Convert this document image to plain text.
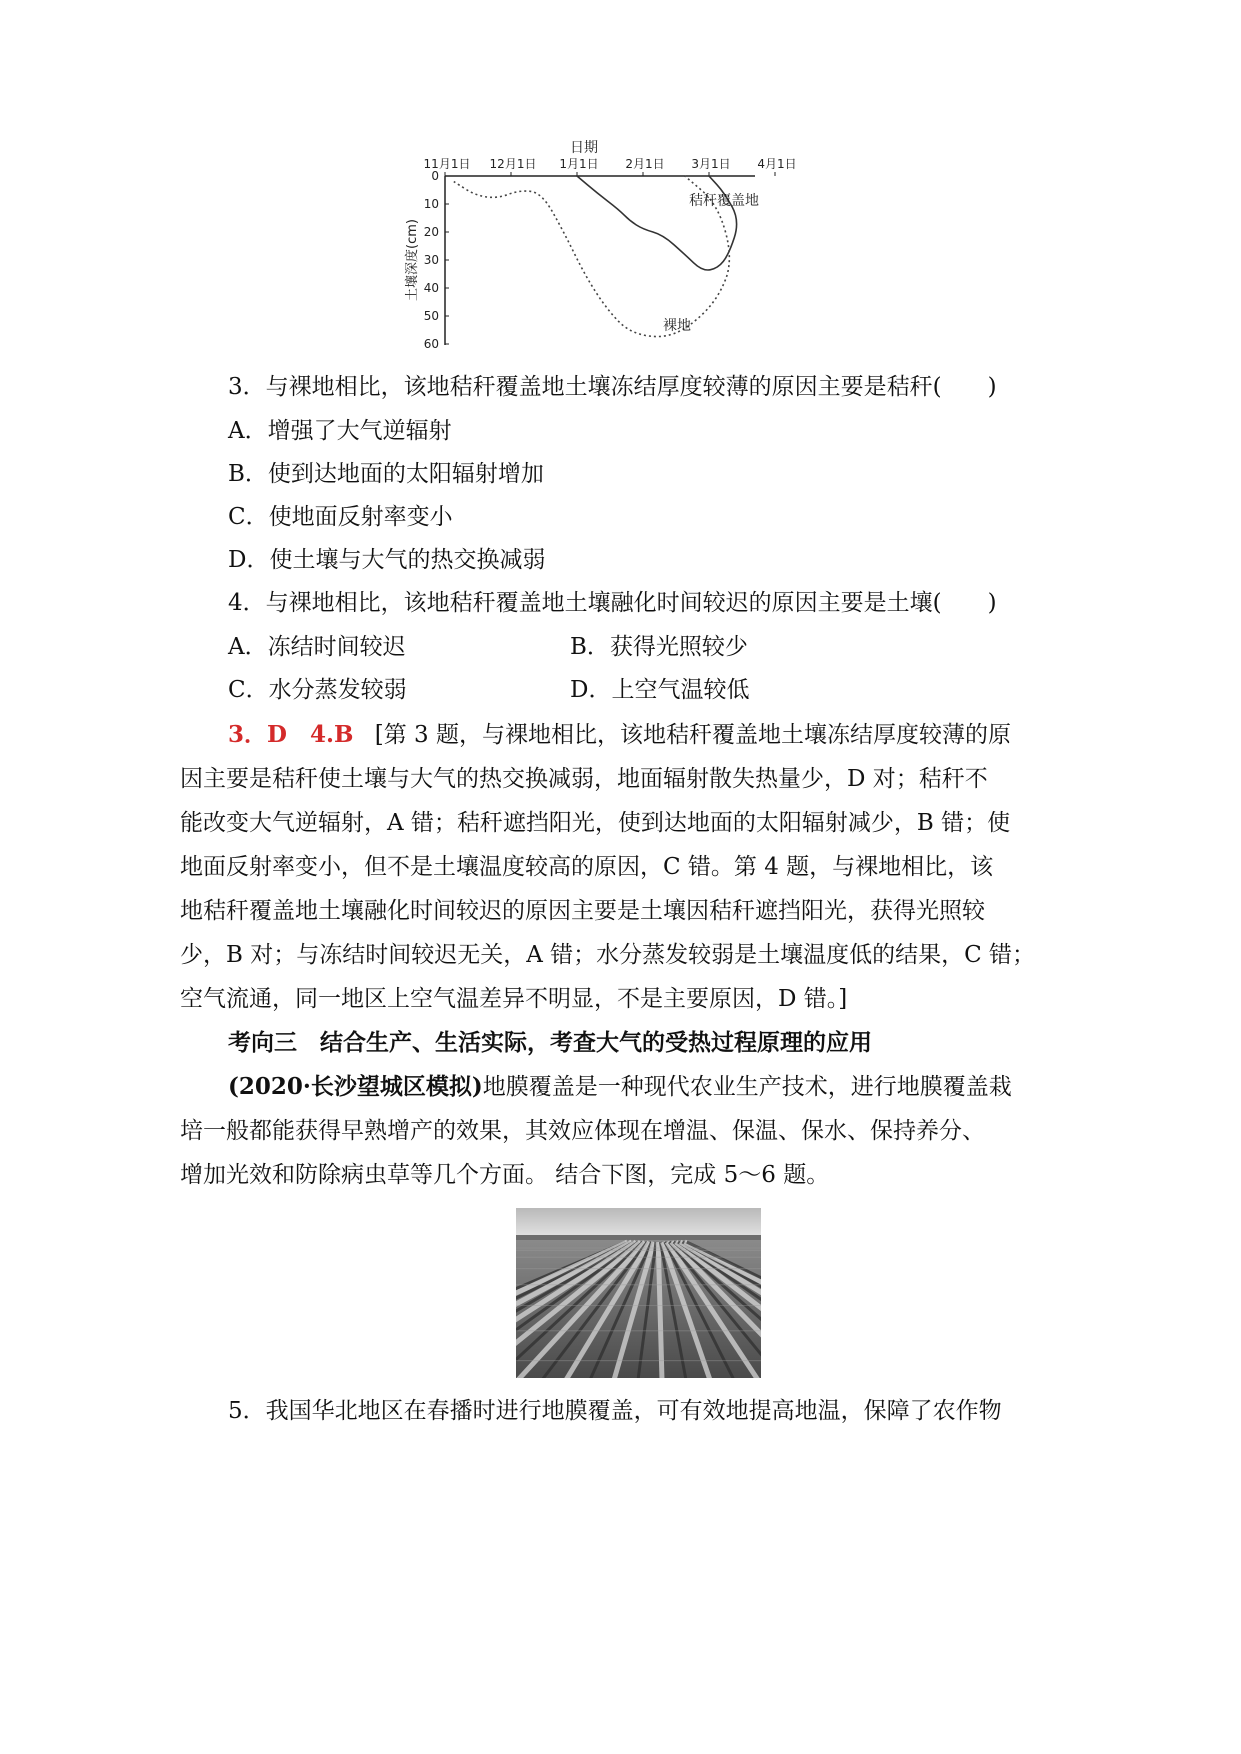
日期
11月1日 12月1日 1月1日 2月1日 3月1日 4月1日
0
10
20
30
40
50
60
土壤深度(cm)
秸秆覆盖地
裸地
3．与裸地相比，该地秸秆覆盖地土壤冻结厚度较薄的原因主要是秸秆(　　)
A．增强了大气逆辐射
B．使到达地面的太阳辐射增加
C．使地面反射率变小
D．使土壤与大气的热交换减弱
4．与裸地相比，该地秸秆覆盖地土壤融化时间较迟的原因主要是土壤(　　)
A．冻结时间较迟	B．获得光照较少
C．水分蒸发较弱	D．上空气温较低
3．D　4.B [第 3 题，与裸地相比，该地秸秆覆盖地土壤冻结厚度较薄的原
因主要是秸秆使土壤与大气的热交换减弱，地面辐射散失热量少，D 对；秸秆不
能改变大气逆辐射，A 错；秸秆遮挡阳光，使到达地面的太阳辐射减少，B 错；使
地面反射率变小，但不是土壤温度较高的原因，C 错。第 4 题，与裸地相比，该
地秸秆覆盖地土壤融化时间较迟的原因主要是土壤因秸秆遮挡阳光，获得光照较
少，B 对；与冻结时间较迟无关，A 错；水分蒸发较弱是土壤温度低的结果，C 错；
空气流通，同一地区上空气温差异不明显，不是主要原因，D 错。]
考向三　结合生产、生活实际，考查大气的受热过程原理的应用
(2020·长沙望城区模拟)地膜覆盖是一种现代农业生产技术，进行地膜覆盖栽
培一般都能获得早熟增产的效果，其效应体现在增温、保温、保水、保持养分、
增加光效和防除病虫草等几个方面。 结合下图，完成 5～6 题。
5．我国华北地区在春播时进行地膜覆盖，可有效地提高地温，保障了农作物
